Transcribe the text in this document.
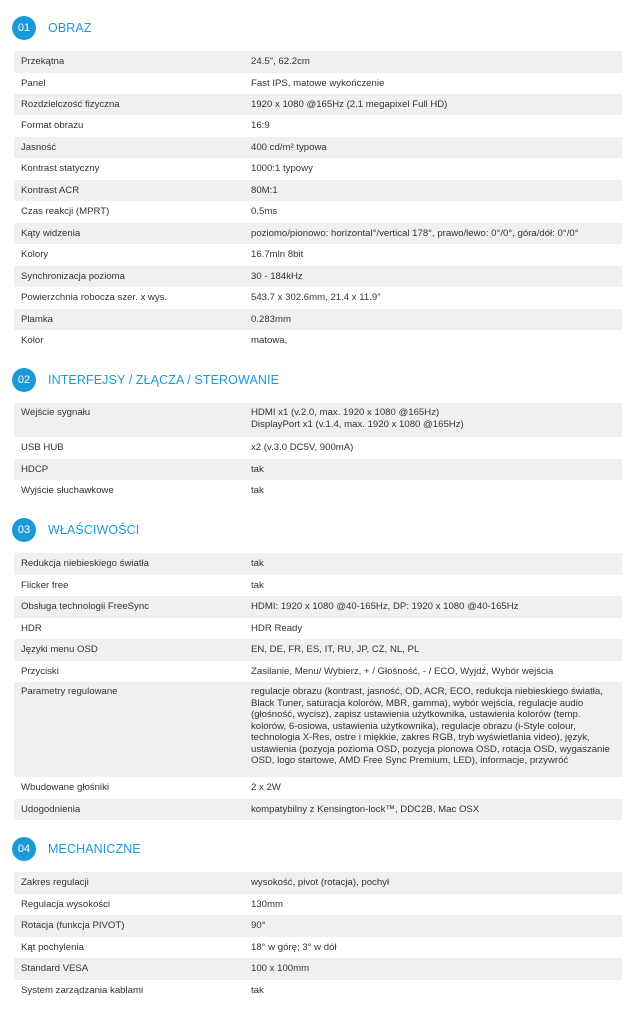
01	OBRAZ
Przekątna	24.5", 62.2cm
Panel	Fast IPS, matowe wykończenie
Rozdzielczość fizyczna	1920 x 1080 @165Hz (2.1 megapixel Full HD)
Format obrazu	16:9
Jasność	400 cd/m² typowa
Kontrast statyczny	1000:1 typowy
Kontrast ACR	80M:1
Czas reakcji (MPRT)	0.5ms
Kąty widzenia	poziomo/pionowo: horizontal°/vertical 178°, prawo/lewo: 0°/0°, góra/dół: 0°/0°
Kolory	16.7mln 8bit
Synchronizacja pozioma	30 - 184kHz
Powierzchnia robocza szer. x wys.	543.7 x 302.6mm, 21.4 x 11.9"
Plamka	0.283mm
Kolor	matowa,
02	INTERFEJSY / ZŁĄCZA / STEROWANIE
Wejście sygnału	HDMI x1 (v.2.0, max. 1920 x 1080 @165Hz)
DisplayPort x1 (v.1.4, max. 1920 x 1080 @165Hz)
USB HUB	x2 (v.3.0 DC5V, 900mA)
HDCP	tak
Wyjście słuchawkowe	tak
03	WŁAŚCIWOŚCI
Redukcja niebieskiego światła	tak
Flicker free	tak
Obsługa technologii FreeSync	HDMI: 1920 x 1080 @40-165Hz, DP: 1920 x 1080 @40-165Hz
HDR	HDR Ready
Języki menu OSD	EN, DE, FR, ES, IT, RU, JP, CZ, NL, PL
Przyciski	Zasilanie, Menu/ Wybierz, + / Głośność, - / ECO, Wyjdź, Wybór wejścia
Parametry regulowane	regulacje obrazu (kontrast, jasność, OD, ACR, ECO, redukcja niebieskiego światła,
Black Tuner, saturacja kolorów, MBR, gamma), wybór wejścia, regulacje audio
(głośność, wycisz), zapisz ustawienia użytkownika, ustawienia kolorów (temp.
kolorów, 6-osiowa, ustawienia użytkownika), regulacje obrazu (i-Style colour,
technologia X-Res, ostre i miękkie, zakres RGB, tryb wyświetlania video), język,
ustawienia (pozycja pozioma OSD, pozycja pionowa OSD, rotacja OSD, wygaszanie
OSD, logo startowe, AMD Free Sync Premium, LED), informacje, przywróć
Wbudowane głośniki	2 x 2W
Udogodnienia	kompatybilny z Kensington-lock™, DDC2B, Mac OSX
04	MECHANICZNE
Zakres regulacji	wysokość, pivot (rotacja), pochył
Regulacja wysokości	130mm
Rotacja (funkcja PIVOT)	90°
Kąt pochylenia	18° w górę; 3° w dół
Standard VESA	100 x 100mm
System zarządzania kablami	tak
